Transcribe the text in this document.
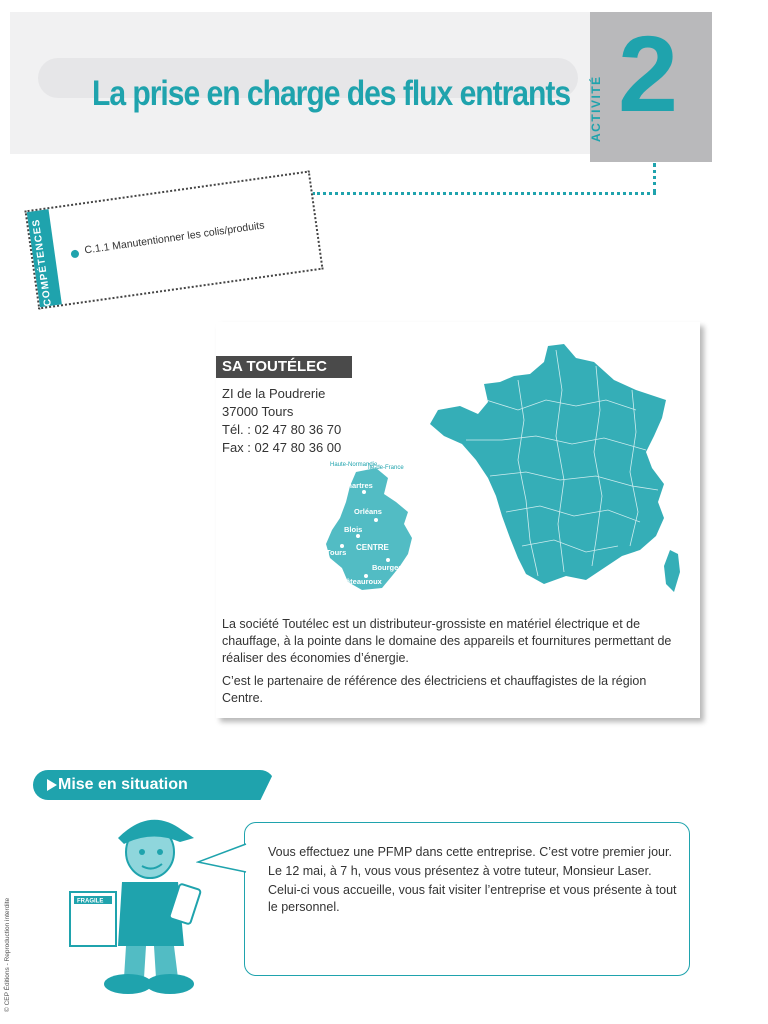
La prise en charge des flux entrants ACTIVITÉ 2
COMPÉTENCES	C.1.1 Manutentionner les colis/produits
SA TOUTÉLEC
ZI de la Poudrerie
37000 Tours
Tél. : 02 47 80 36 70
Fax : 02 47 80 36 00
Haute-Normandie
Île-de-France
Chartres
Orléans
Blois
Tours
Bourges
Châteauroux
CENTRE

La société Toutélec est un distributeur-grossiste en matériel électrique et de chauffage, à la pointe dans le domaine des appareils et fournitures permettant de réaliser des économies d’énergie.

C’est le partenaire de référence des électriciens et chauffagistes de la région Centre.

Mise en situation
FRAGILE

Vous effectuez une PFMP dans cette entreprise. C’est votre premier jour.

Le 12 mai, à 7 h, vous vous présentez à votre tuteur, Monsieur Laser.

Celui-ci vous accueille, vous fait visiter l’entreprise et vous présente à tout le personnel.

© CEP Éditions - Reproduction interdite
